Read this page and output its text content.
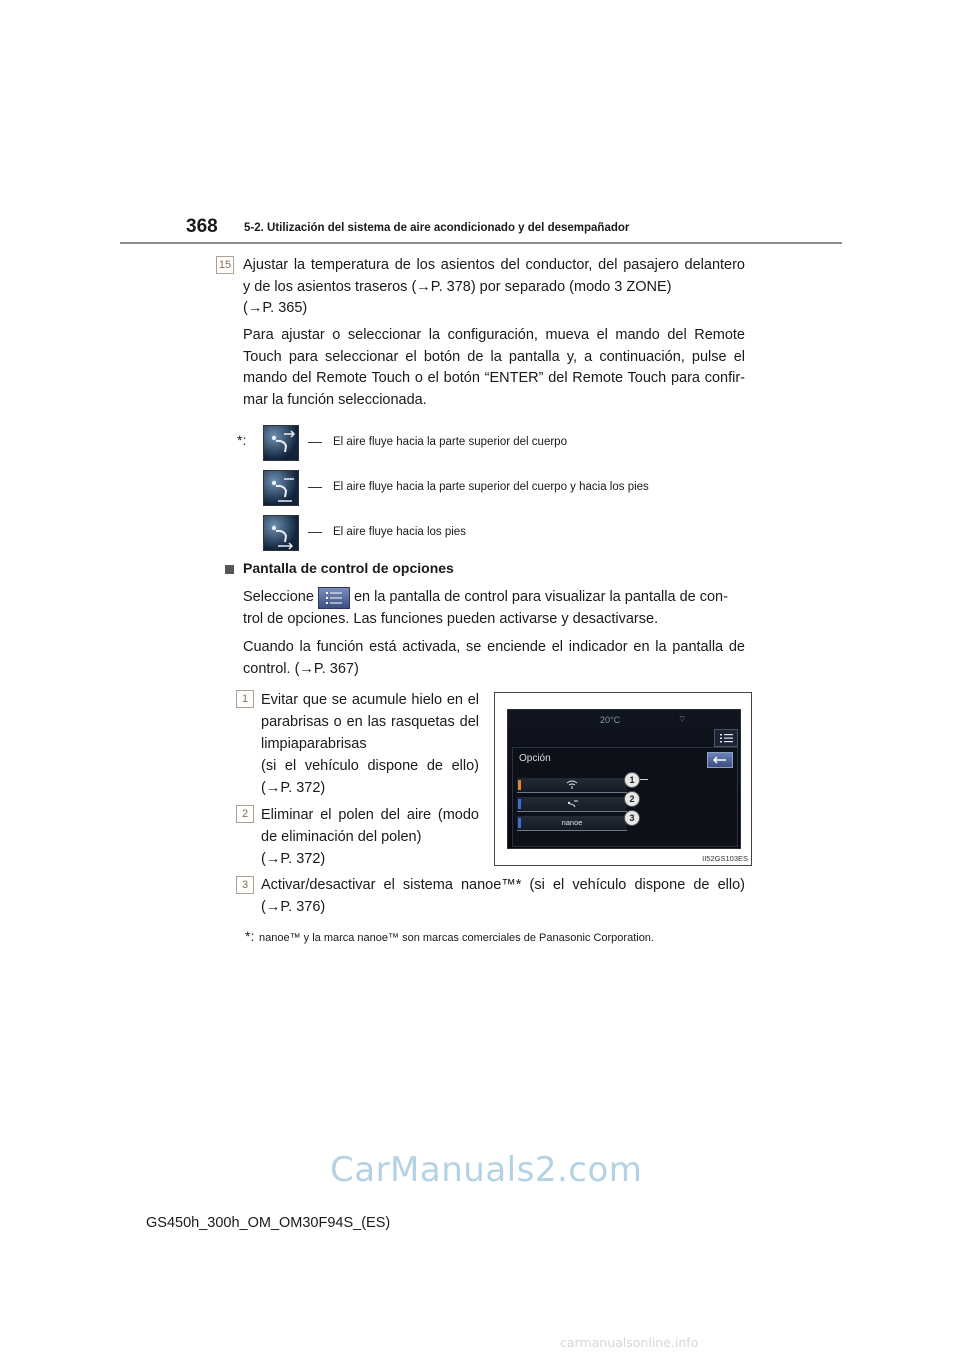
368 5-2. Utilización del sistema de aire acondicionado y del desempañador
15 Ajustar la temperatura de los asientos del conductor, del pasajero delantero
y de los asientos traseros (→P. 378) por separado (modo 3 ZONE)
(→P. 365)
Para ajustar o seleccionar la configuración, mueva el mando del Remote
Touch para seleccionar el botón de la pantalla y, a continuación, pulse el
mando del Remote Touch o el botón “ENTER” del Remote Touch para confir-
mar la función seleccionada.
*:	El aire fluye hacia la parte superior del cuerpo
El aire fluye hacia la parte superior del cuerpo y hacia los pies
El aire fluye hacia los pies
Pantalla de control de opciones
Seleccione	en la pantalla de control para visualizar la pantalla de con-
trol de opciones. Las funciones pueden activarse y desactivarse.
Cuando la función está activada, se enciende el indicador en la pantalla de
control. (→P. 367)
1 Evitar que se acumule hielo en el
parabrisas o en las rasquetas del
limpiaparabrisas
(si el vehículo dispone de ello)
(→P. 372)
2 Eliminar el polen del aire (modo
de eliminación del polen)
(→P. 372)
3 Activar/desactivar el sistema nanoe™* (si el vehículo dispone de ello)
(→P. 376)
20°C	⌔
Opción
nanoe
1
2
3
II52GS103ES
*: nanoe™ y la marca nanoe™ son marcas comerciales de Panasonic Corporation.
CarManuals2.com
GS450h_300h_OM_OM30F94S_(ES)
carmanualsonline.info
